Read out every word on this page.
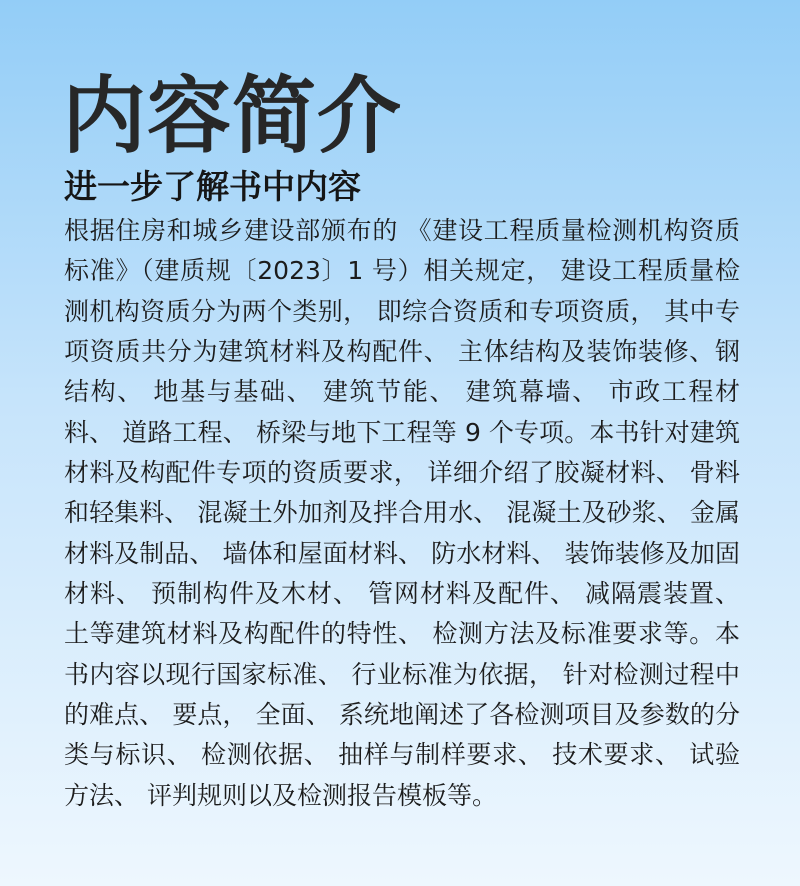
内容简介
进一步了解书中内容

根据住房和城乡建设部颁布的 《建设工程质量检测机构资质标准》（建质规〔2023〕1 号）相关规定， 建设工程质量检测机构资质分为两个类别， 即综合资质和专项资质， 其中专项资质共分为建筑材料及构配件、 主体结构及装饰装修、钢结构、 地基与基础、 建筑节能、 建筑幕墙、 市政工程材料、 道路工程、 桥梁与地下工程等 9 个专项。本书针对建筑材料及构配件专项的资质要求， 详细介绍了胶凝材料、 骨料和轻集料、 混凝土外加剂及拌合用水、 混凝土及砂浆、 金属材料及制品、 墙体和屋面材料、 防水材料、 装饰装修及加固材料、 预制构件及木材、 管网材料及配件、 减隔震装置、 土等建筑材料及构配件的特性、 检测方法及标准要求等。本书内容以现行国家标准、 行业标准为依据， 针对检测过程中的难点、 要点， 全面、 系统地阐述了各检测项目及参数的分类与标识、 检测依据、 抽样与制样要求、 技术要求、 试验方法、 评判规则以及检测报告模板等。
